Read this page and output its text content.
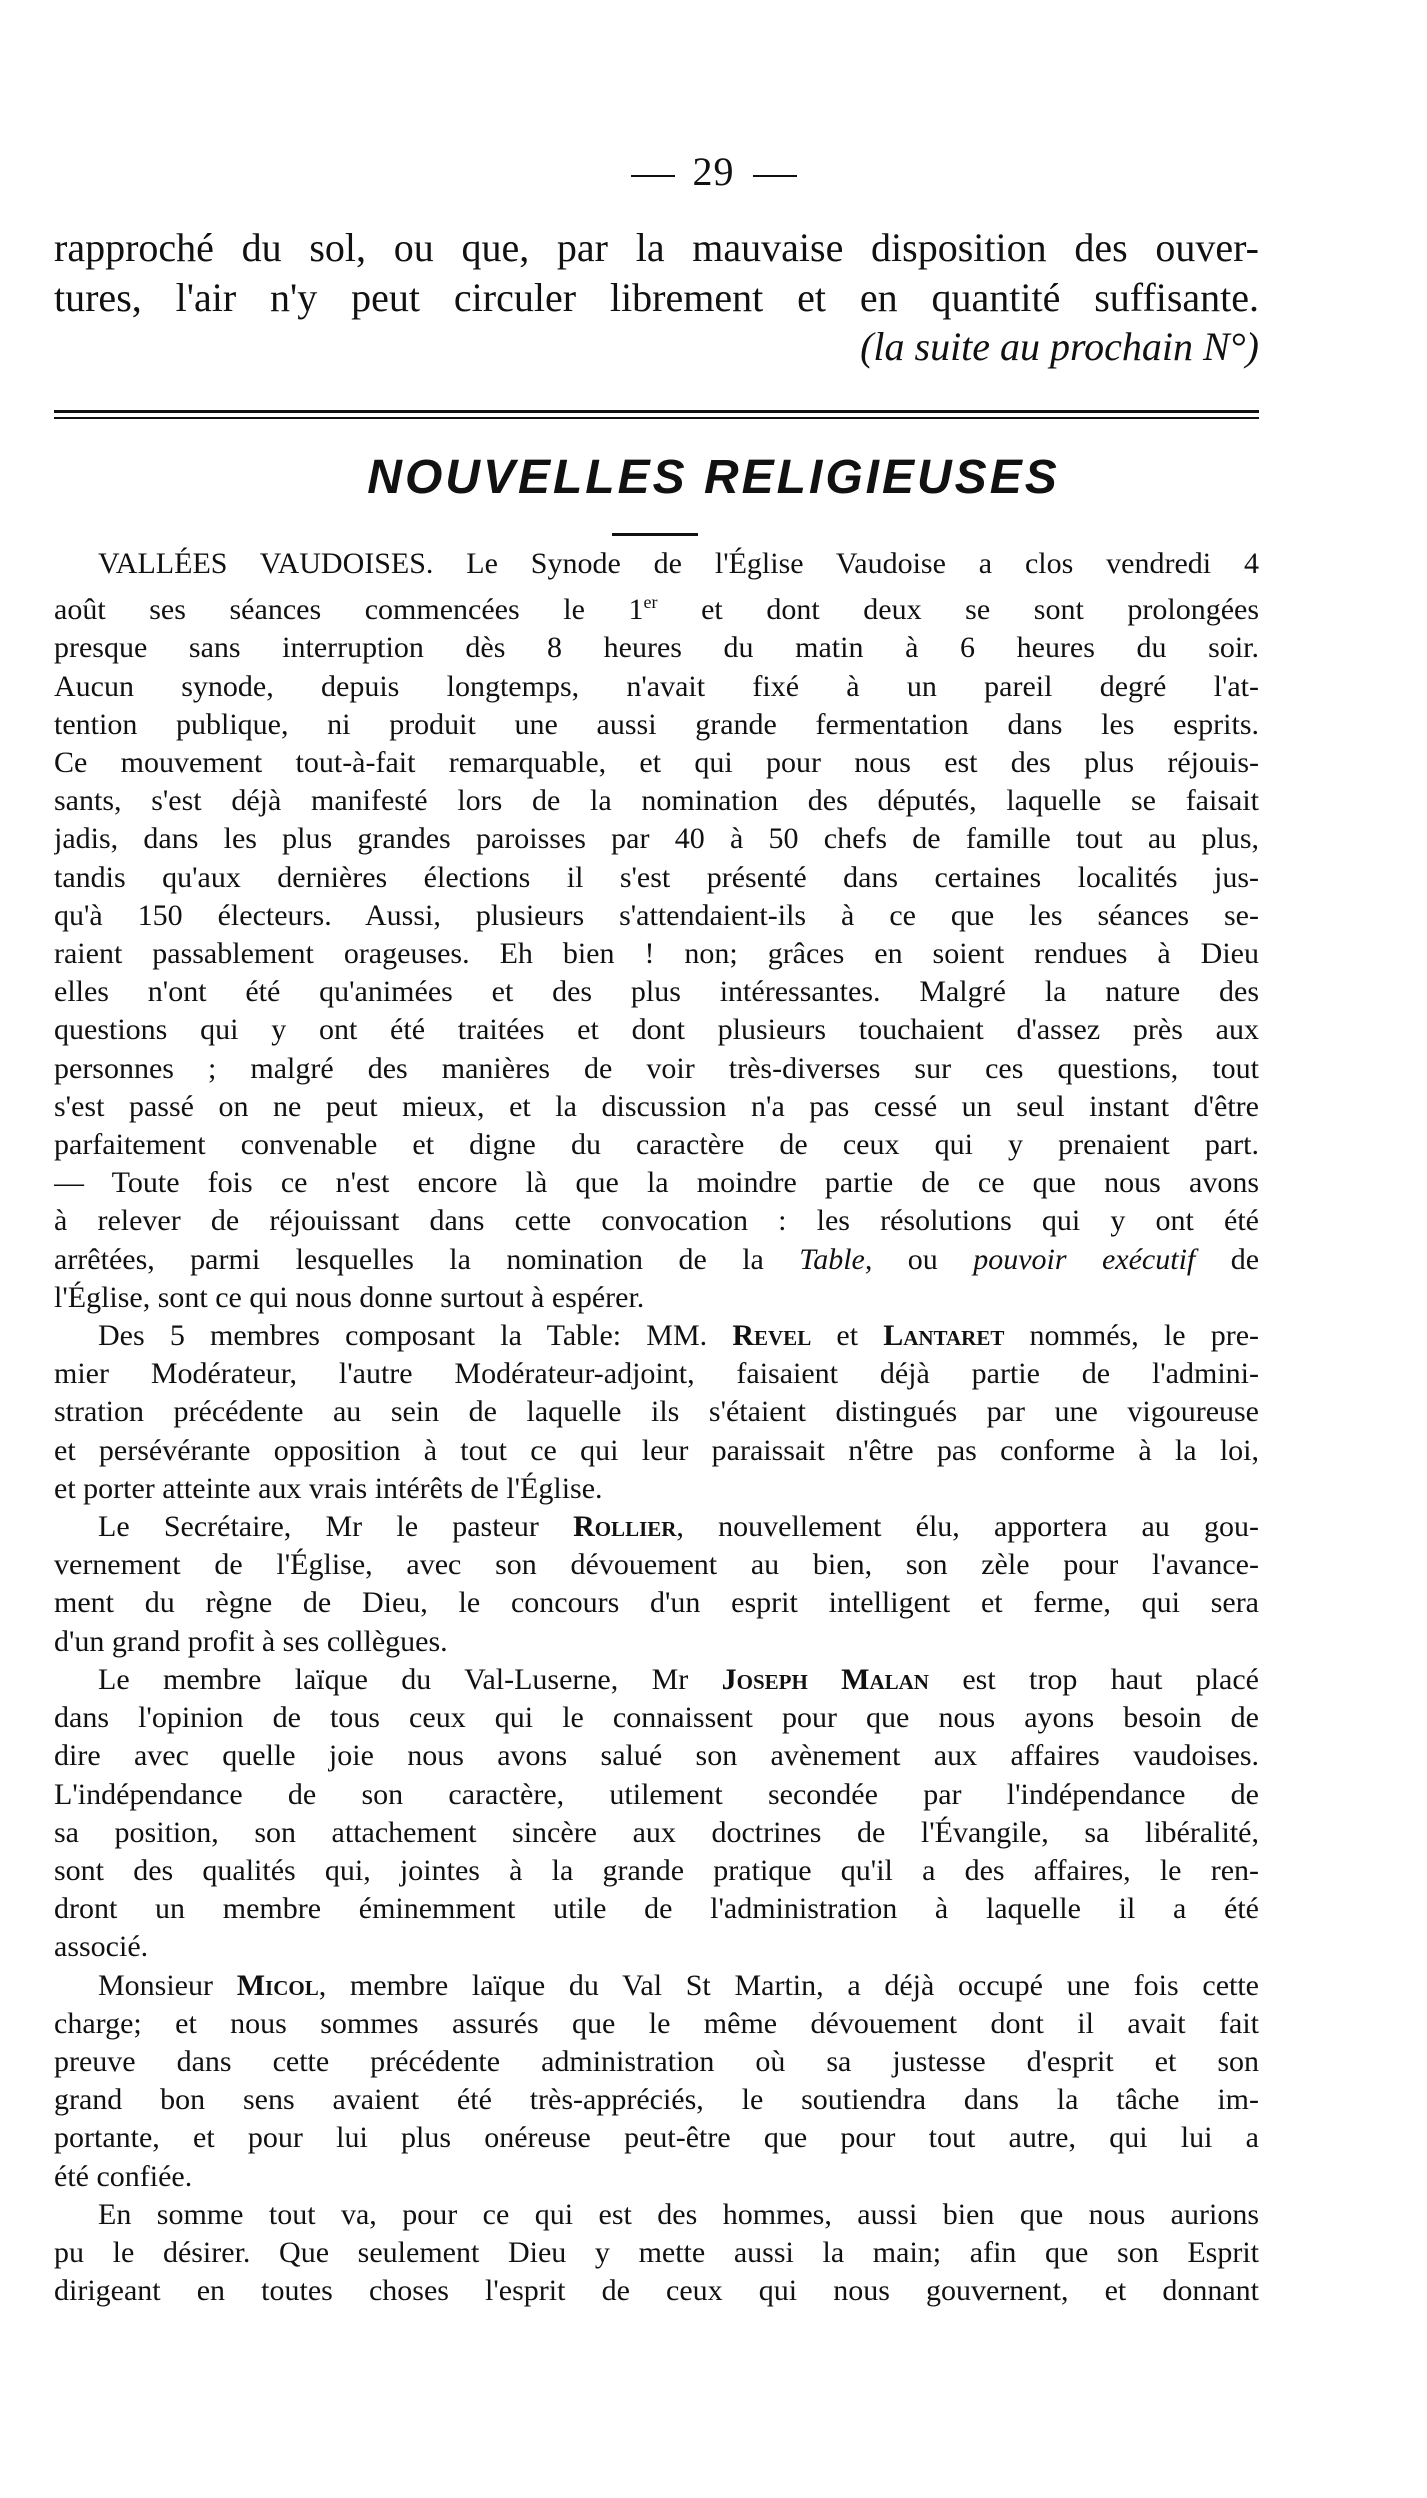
29

rapproché du sol, ou que, par la mauvaise disposition des ouver-

tures, l'air n'y peut circuler librement et en quantité suffisante.

(la suite au prochain N°)
NOUVELLES RELIGIEUSES

VALLÉES VAUDOISES. Le Synode de l'Église Vaudoise a clos vendredi 4

août ses séances commencées le 1er et dont deux se sont prolongées

presque sans interruption dès 8 heures du matin à 6 heures du soir.

Aucun synode, depuis longtemps, n'avait fixé à un pareil degré l'at-

tention publique, ni produit une aussi grande fermentation dans les esprits.

Ce mouvement tout-à-fait remarquable, et qui pour nous est des plus réjouis-

sants, s'est déjà manifesté lors de la nomination des députés, laquelle se faisait

jadis, dans les plus grandes paroisses par 40 à 50 chefs de famille tout au plus,

tandis qu'aux dernières élections il s'est présenté dans certaines localités jus-

qu'à 150 électeurs. Aussi, plusieurs s'attendaient-ils à ce que les séances se-

raient passablement orageuses. Eh bien ! non; grâces en soient rendues à Dieu

elles n'ont été qu'animées et des plus intéressantes. Malgré la nature des

questions qui y ont été traitées et dont plusieurs touchaient d'assez près aux

personnes ; malgré des manières de voir très-diverses sur ces questions, tout

s'est passé on ne peut mieux, et la discussion n'a pas cessé un seul instant d'être

parfaitement convenable et digne du caractère de ceux qui y prenaient part.

— Toute fois ce n'est encore là que la moindre partie de ce que nous avons

à relever de réjouissant dans cette convocation : les résolutions qui y ont été

arrêtées, parmi lesquelles la nomination de la Table, ou pouvoir exécutif de

l'Église, sont ce qui nous donne surtout à espérer.

Des 5 membres composant la Table: MM. Revel et Lantaret nommés, le pre-

mier Modérateur, l'autre Modérateur-adjoint, faisaient déjà partie de l'admini-

stration précédente au sein de laquelle ils s'étaient distingués par une vigoureuse

et persévérante opposition à tout ce qui leur paraissait n'être pas conforme à la loi,

et porter atteinte aux vrais intérêts de l'Église.

Le Secrétaire, Mr le pasteur Rollier, nouvellement élu, apportera au gou-

vernement de l'Église, avec son dévouement au bien, son zèle pour l'avance-

ment du règne de Dieu, le concours d'un esprit intelligent et ferme, qui sera

d'un grand profit à ses collègues.

Le membre laïque du Val-Luserne, Mr Joseph Malan est trop haut placé

dans l'opinion de tous ceux qui le connaissent pour que nous ayons besoin de

dire avec quelle joie nous avons salué son avènement aux affaires vaudoises.

L'indépendance de son caractère, utilement secondée par l'indépendance de

sa position, son attachement sincère aux doctrines de l'Évangile, sa libéralité,

sont des qualités qui, jointes à la grande pratique qu'il a des affaires, le ren-

dront un membre éminemment utile de l'administration à laquelle il a été

associé.

Monsieur Micol, membre laïque du Val St Martin, a déjà occupé une fois cette

charge; et nous sommes assurés que le même dévouement dont il avait fait

preuve dans cette précédente administration où sa justesse d'esprit et son

grand bon sens avaient été très-appréciés, le soutiendra dans la tâche im-

portante, et pour lui plus onéreuse peut-être que pour tout autre, qui lui a

été confiée.

En somme tout va, pour ce qui est des hommes, aussi bien que nous aurions

pu le désirer. Que seulement Dieu y mette aussi la main; afin que son Esprit

dirigeant en toutes choses l'esprit de ceux qui nous gouvernent, et donnant
